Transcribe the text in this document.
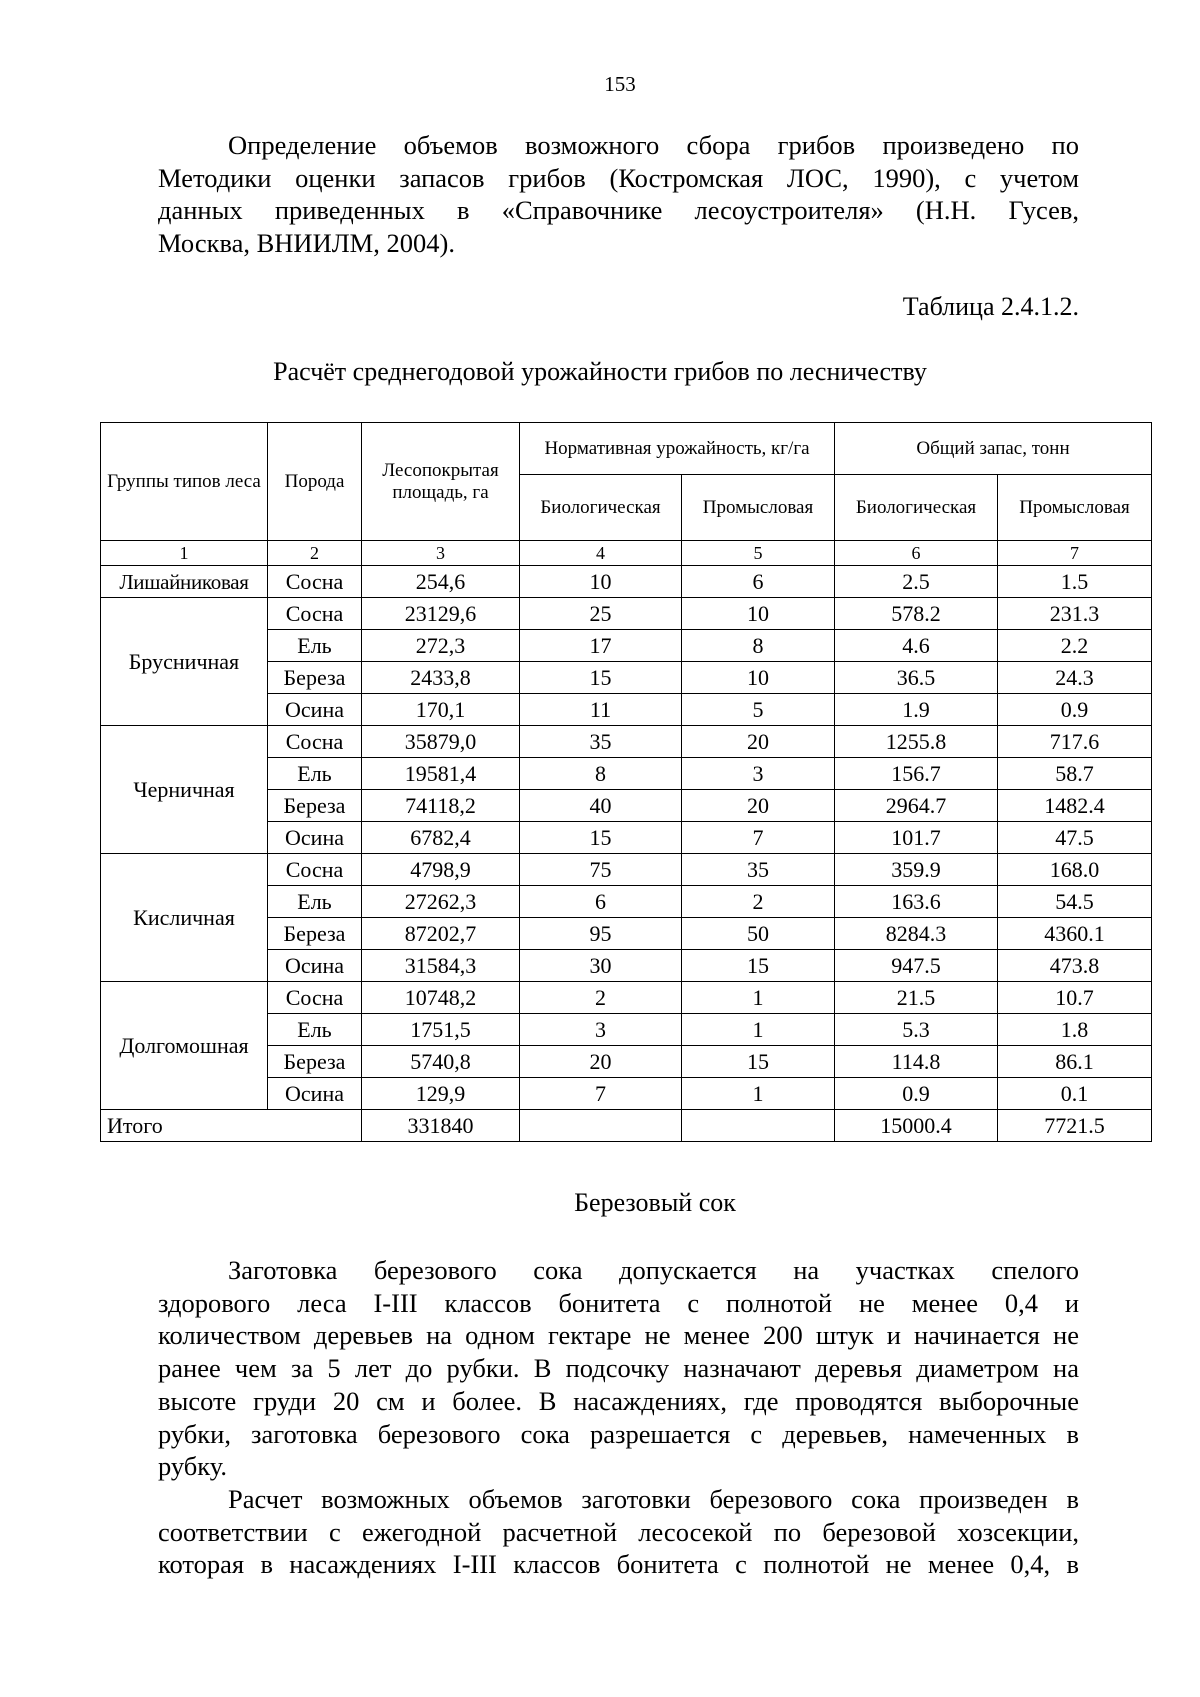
153
Определение объемов возможного сбора грибов произведено по
Методики оценки запасов грибов (Костромская ЛОС, 1990), с учетом
данных приведенных в «Справочнике лесоустроителя» (Н.Н. Гусев,
Москва, ВНИИЛМ, 2004).
Таблица 2.4.1.2.
Расчёт среднегодовой урожайности грибов по лесничеству
Группы типов леса	Порода	Лесопокрытая площадь, га	Нормативная урожайность, кг/га		Общий запас, тонн	
			Биологическая	Промысловая	Биологическая	Промысловая
1	2	3	4	5	6	7
Лишайниковая	Сосна	254,6	10	6	2.5	1.5
Брусничная	Сосна	23129,6	25	10	578.2	231.3
	Ель	272,3	17	8	4.6	2.2
	Береза	2433,8	15	10	36.5	24.3
	Осина	170,1	11	5	1.9	0.9
Черничная	Сосна	35879,0	35	20	1255.8	717.6
	Ель	19581,4	8	3	156.7	58.7
	Береза	74118,2	40	20	2964.7	1482.4
	Осина	6782,4	15	7	101.7	47.5
Кисличная	Сосна	4798,9	75	35	359.9	168.0
	Ель	27262,3	6	2	163.6	54.5
	Береза	87202,7	95	50	8284.3	4360.1
	Осина	31584,3	30	15	947.5	473.8
Долгомошная	Сосна	10748,2	2	1	21.5	10.7
	Ель	1751,5	3	1	5.3	1.8
	Береза	5740,8	20	15	114.8	86.1
	Осина	129,9	7	1	0.9	0.1
Итого		331840			15000.4	7721.5
Березовый сок
Заготовка березового сока допускается на участках спелого
здорового леса I-III классов бонитета с полнотой не менее 0,4 и
количеством деревьев на одном гектаре не менее 200 штук и начинается не
ранее чем за 5 лет до рубки. В подсочку назначают деревья диаметром на
высоте груди 20 см и более. В насаждениях, где проводятся выборочные
рубки, заготовка березового сока разрешается с деревьев, намеченных в
рубку.
Расчет возможных объемов заготовки березового сока произведен в
соответствии с ежегодной расчетной лесосекой по березовой хозсекции,
которая в насаждениях I-III классов бонитета с полнотой не менее 0,4, в
